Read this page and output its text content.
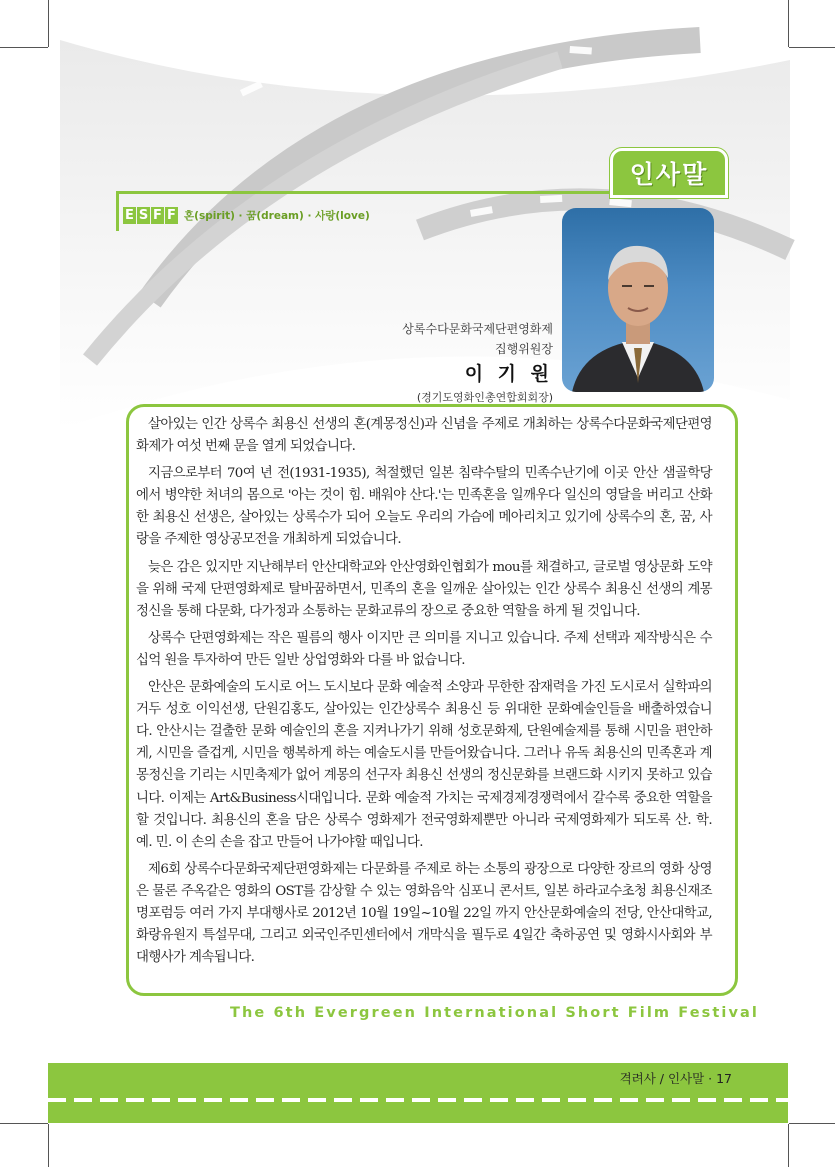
인사말
E S F F 혼(spirit) · 꿈(dream) · 사랑(love)
상록수다문화국제단편영화제
집행위원장
이 기 원
(경기도영화인총연합회회장)

살아있는 인간 상록수 최용신 선생의 혼(계몽정신)과 신념을 주제로 개최하는 상록수다문화국제단편영화제가 여섯 번째 문을 열게 되었습니다.

지금으로부터 70여 년 전(1931-1935), 척절했던 일본 침략수탈의 민족수난기에 이곳 안산 샘골학당에서 병약한 처녀의 몸으로 '아는 것이 힘. 배워야 산다.'는 민족혼을 일깨우다 일신의 영달을 버리고 산화한 최용신 선생은, 살아있는 상록수가 되어 오늘도 우리의 가슴에 메아리치고 있기에 상록수의 혼, 꿈, 사랑을 주제한 영상공모전을 개최하게 되었습니다.

늦은 감은 있지만 지난해부터 안산대학교와 안산영화인협회가 mou를 채결하고, 글로벌 영상문화 도약을 위해 국제 단편영화제로 탈바꿈하면서, 민족의 혼을 일깨운 살아있는 인간 상록수 최용신 선생의 계몽정신을 통해 다문화, 다가정과 소통하는 문화교류의 장으로 중요한 역할을 하게 될 것입니다.

상록수 단편영화제는 작은 필름의 행사 이지만 큰 의미를 지니고 있습니다. 주제 선택과 제작방식은 수십억 원을 투자하여 만든 일반 상업영화와 다를 바 없습니다.

안산은 문화예술의 도시로 어느 도시보다 문화 예술적 소양과 무한한 잠재력을 가진 도시로서 실학파의 거두 성호 이익선생, 단원김홍도, 살아있는 인간상록수 최용신 등 위대한 문화예술인들을 배출하였습니다. 안산시는 걸출한 문화 예술인의 혼을 지켜나가기 위해 성호문화제, 단원예술제를 통해 시민을 편안하게, 시민을 즐겁게, 시민을 행복하게 하는 예술도시를 만들어왔습니다. 그러나 유독 최용신의 민족혼과 계몽정신을 기리는 시민축제가 없어 계몽의 선구자 최용신 선생의 정신문화를 브랜드화 시키지 못하고 있습니다. 이제는 Art&Business시대입니다. 문화 예술적 가치는 국제경제경쟁력에서 갈수록 중요한 역할을 할 것입니다. 최용신의 혼을 담은 상록수 영화제가 전국영화제뿐만 아니라 국제영화제가 되도록 산. 학. 예. 민. 이 손의 손을 잡고 만들어 나가야할 때입니다.

제6회 상록수다문화국제단편영화제는 다문화를 주제로 하는 소통의 광장으로 다양한 장르의 영화 상영은 물론 주옥같은 영화의 OST를 감상할 수 있는 영화음악 심포니 콘서트, 일본 하라교수초청 최용신재조명포럼등 여러 가지 부대행사로 2012년 10월 19일~10월 22일 까지 안산문화예술의 전당, 안산대학교, 화랑유원지 특설무대, 그리고 외국인주민센터에서 개막식을 필두로 4일간 축하공연 및 영화시사회와 부대행사가 계속됩니다.

The 6th Evergreen International Short Film Festival
격려사 / 인사말 · 17
